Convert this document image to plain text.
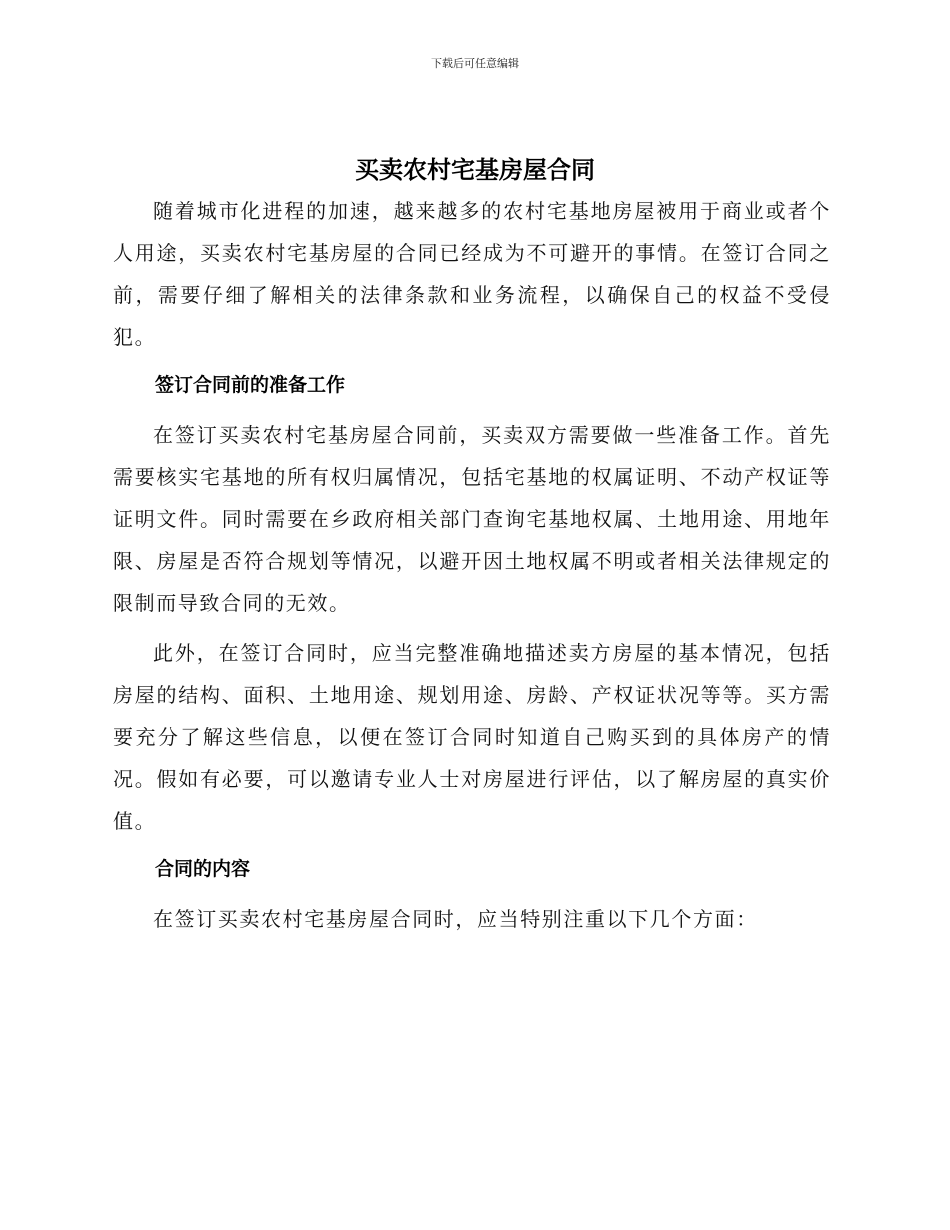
下载后可任意编辑
买卖农村宅基房屋合同

随着城市化进程的加速，越来越多的农村宅基地房屋被用于商业或者个人用途，买卖农村宅基房屋的合同已经成为不可避开的事情。在签订合同之前，需要仔细了解相关的法律条款和业务流程，以确保自己的权益不受侵犯。

签订合同前的准备工作

在签订买卖农村宅基房屋合同前，买卖双方需要做一些准备工作。首先需要核实宅基地的所有权归属情况，包括宅基地的权属证明、不动产权证等证明文件。同时需要在乡政府相关部门查询宅基地权属、土地用途、用地年限、房屋是否符合规划等情况，以避开因土地权属不明或者相关法律规定的限制而导致合同的无效。

此外，在签订合同时，应当完整准确地描述卖方房屋的基本情况，包括房屋的结构、面积、土地用途、规划用途、房龄、产权证状况等等。买方需要充分了解这些信息，以便在签订合同时知道自己购买到的具体房产的情况。假如有必要，可以邀请专业人士对房屋进行评估，以了解房屋的真实价值。

合同的内容

在签订买卖农村宅基房屋合同时，应当特别注重以下几个方面：
